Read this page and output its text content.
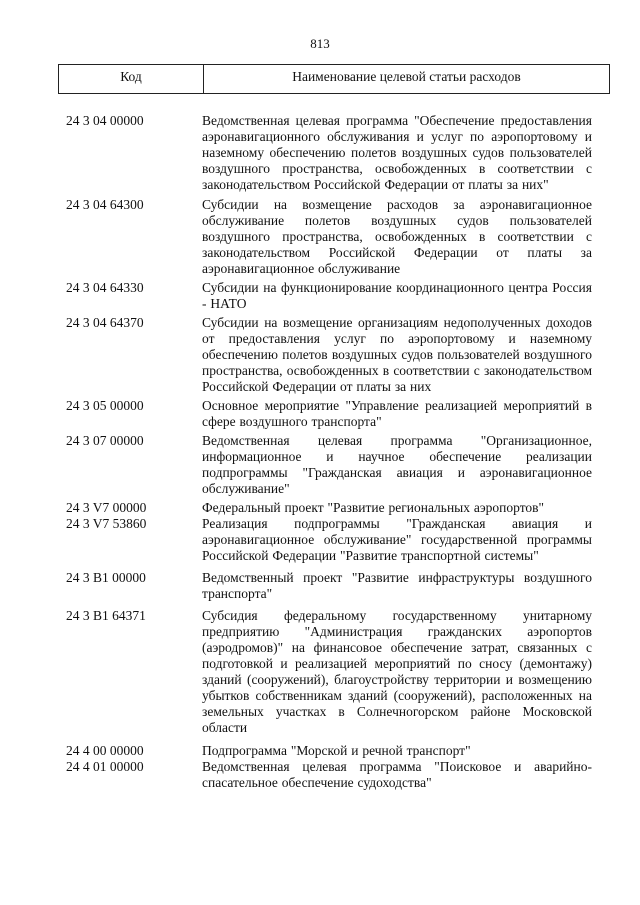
813
Код	Наименование целевой статьи расходов
24 3 04 00000	Ведомственная целевая программа "Обеспечение предоставления аэронавигационного обслуживания и услуг по аэропортовому и наземному обеспечению полетов воздушных судов пользователей воздушного пространства, освобожденных в соответствии с законодательством Российской Федерации от платы за них"
24 3 04 64300	Субсидии на возмещение расходов за аэронавигационное обслуживание полетов воздушных судов пользователей воздушного пространства, освобожденных в соответствии с законодательством Российской Федерации от платы за аэронавигационное обслуживание
24 3 04 64330	Субсидии на функционирование координационного центра Россия - НАТО
24 3 04 64370	Субсидии на возмещение организациям недополученных доходов от предоставления услуг по аэропортовому и наземному обеспечению полетов воздушных судов пользователей воздушного пространства, освобожденных в соответствии с законодательством Российской Федерации от платы за них
24 3 05 00000	Основное мероприятие "Управление реализацией мероприятий в сфере воздушного транспорта"
24 3 07 00000	Ведомственная целевая программа "Организационное, информационное и научное обеспечение реализации подпрограммы "Гражданская авиация и аэронавигационное обслуживание"
24 3 V7 00000	Федеральный проект "Развитие региональных аэропортов"
24 3 V7 53860	Реализация подпрограммы "Гражданская авиация и аэронавигационное обслуживание" государственной программы Российской Федерации "Развитие транспортной системы"
24 3 В1 00000	Ведомственный проект "Развитие инфраструктуры воздушного транспорта"
24 3 В1 64371	Субсидия федеральному государственному унитарному предприятию "Администрация гражданских аэропортов (аэродромов)" на финансовое обеспечение затрат, связанных с подготовкой и реализацией мероприятий по сносу (демонтажу) зданий (сооружений), благоустройству территории и возмещению убытков собственникам зданий (сооружений), расположенных на земельных участках в Солнечногорском районе Московской области
24 4 00 00000	Подпрограмма "Морской и речной транспорт"
24 4 01 00000	Ведомственная целевая программа "Поисковое и аварийно-спасательное обеспечение судоходства"
